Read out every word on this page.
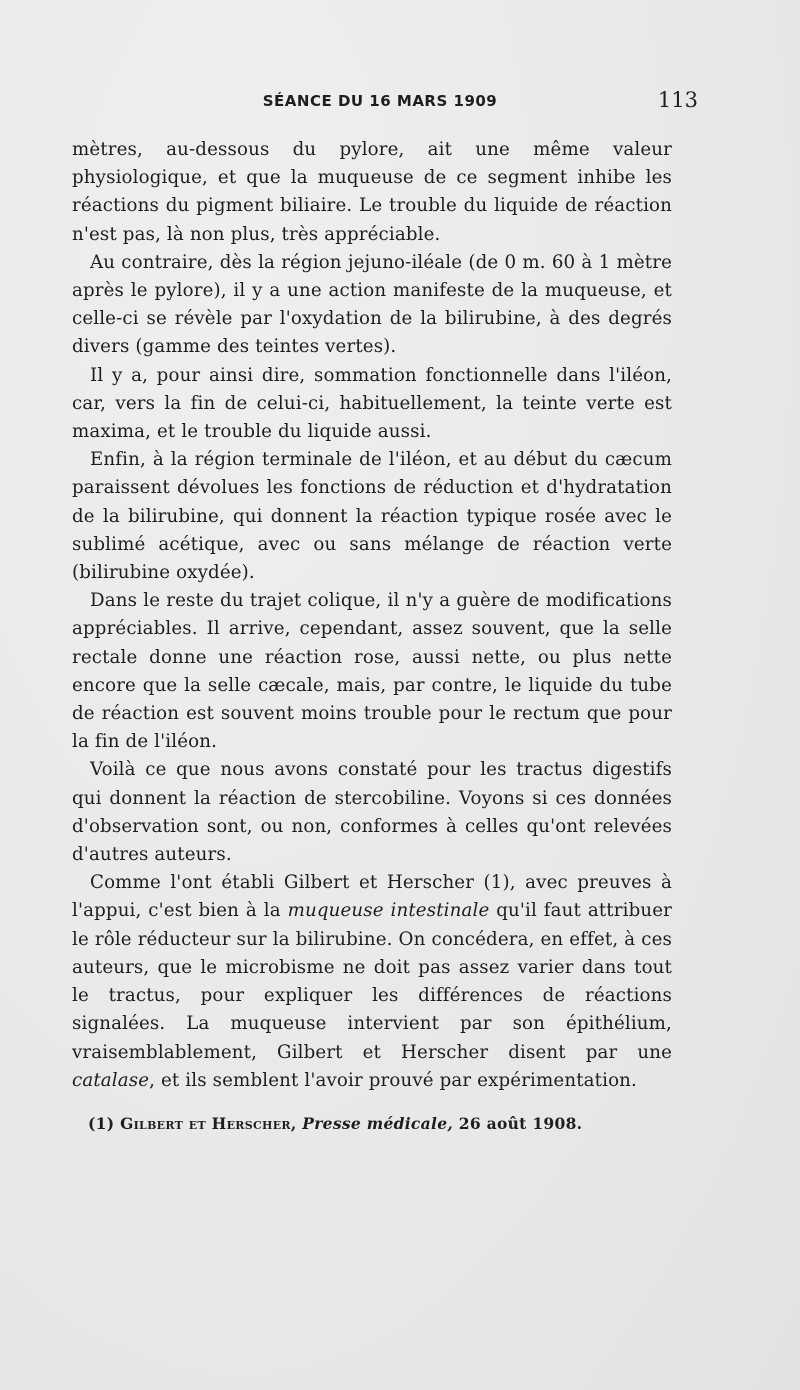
SÉANCE DU 16 MARS 1909	113

mètres, au-dessous du pylore, ait une même valeur physiologique, et que la muqueuse de ce segment inhibe les réactions du pigment biliaire. Le trouble du liquide de réaction n'est pas, là non plus, très appréciable.

Au contraire, dès la région jejuno-iléale (de 0 m. 60 à 1 mètre après le pylore), il y a une action manifeste de la muqueuse, et celle-ci se révèle par l'oxydation de la bilirubine, à des degrés divers (gamme des teintes vertes).

Il y a, pour ainsi dire, sommation fonctionnelle dans l'iléon, car, vers la fin de celui-ci, habituellement, la teinte verte est maxima, et le trouble du liquide aussi.

Enfin, à la région terminale de l'iléon, et au début du cæcum paraissent dévolues les fonctions de réduction et d'hydratation de la bilirubine, qui donnent la réaction typique rosée avec le sublimé acétique, avec ou sans mélange de réaction verte (bilirubine oxydée).

Dans le reste du trajet colique, il n'y a guère de modifications appréciables. Il arrive, cependant, assez souvent, que la selle rectale donne une réaction rose, aussi nette, ou plus nette encore que la selle cæcale, mais, par contre, le liquide du tube de réaction est souvent moins trouble pour le rectum que pour la fin de l'iléon.

Voilà ce que nous avons constaté pour les tractus digestifs qui donnent la réaction de stercobiline. Voyons si ces données d'observation sont, ou non, conformes à celles qu'ont relevées d'autres auteurs.

Comme l'ont établi Gilbert et Herscher (1), avec preuves à l'appui, c'est bien à la muqueuse intestinale qu'il faut attribuer le rôle réducteur sur la bilirubine. On concédera, en effet, à ces auteurs, que le microbisme ne doit pas assez varier dans tout le tractus, pour expliquer les différences de réactions signalées. La muqueuse intervient par son épithélium, vraisemblablement, Gilbert et Herscher disent par une catalase, et ils semblent l'avoir prouvé par expérimentation.

(1) Gilbert et Herscher, Presse médicale, 26 août 1908.
